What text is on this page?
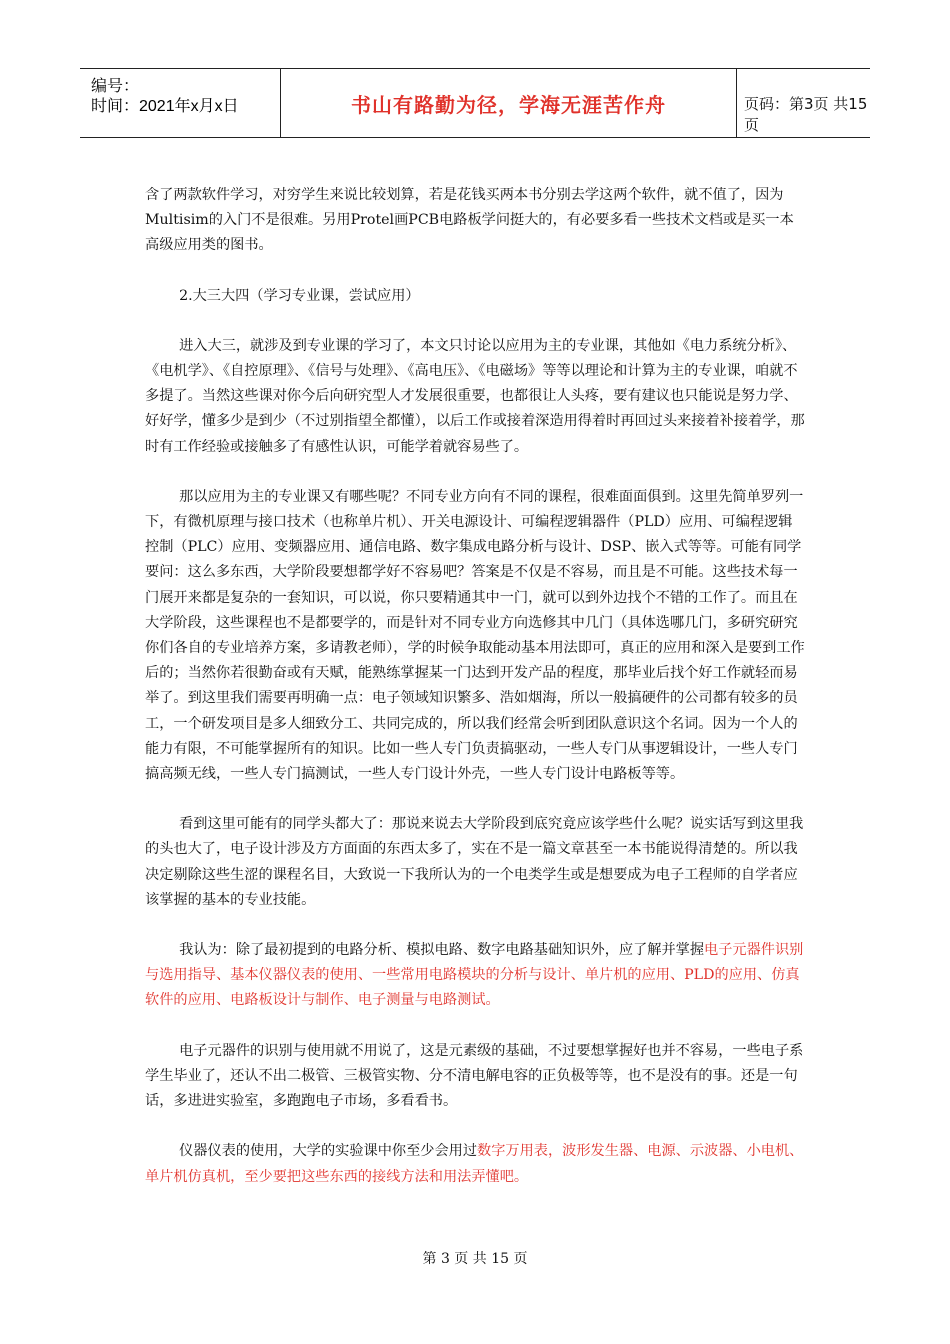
编号：
时间：2021年x月x日	书山有路勤为径，学海无涯苦作舟	页码：第3页 共15页

含了两款软件学习，对穷学生来说比较划算，若是花钱买两本书分别去学这两个软件，就不值了，因为Multisim的入门不是很难。另用Protel画PCB电路板学问挺大的，有必要多看一些技术文档或是买一本高级应用类的图书。

2.大三大四（学习专业课，尝试应用）

进入大三，就涉及到专业课的学习了，本文只讨论以应用为主的专业课，其他如《电力系统分析》、《电机学》、《自控原理》、《信号与处理》、《高电压》、《电磁场》等等以理论和计算为主的专业课，咱就不多提了。当然这些课对你今后向研究型人才发展很重要，也都很让人头疼，要有建议也只能说是努力学、好好学，懂多少是到少（不过别指望全都懂），以后工作或接着深造用得着时再回过头来接着补接着学，那时有工作经验或接触多了有感性认识，可能学着就容易些了。

那以应用为主的专业课又有哪些呢？不同专业方向有不同的课程，很难面面俱到。这里先简单罗列一下，有微机原理与接口技术（也称单片机）、开关电源设计、可编程逻辑器件（PLD）应用、可编程逻辑控制（PLC）应用、变频器应用、通信电路、数字集成电路分析与设计、DSP、嵌入式等等。可能有同学要问：这么多东西，大学阶段要想都学好不容易吧？答案是不仅是不容易，而且是不可能。这些技术每一门展开来都是复杂的一套知识，可以说，你只要精通其中一门，就可以到外边找个不错的工作了。而且在大学阶段，这些课程也不是都要学的，而是针对不同专业方向选修其中几门（具体选哪几门，多研究研究你们各自的专业培养方案，多请教老师），学的时候争取能动基本用法即可，真正的应用和深入是要到工作后的；当然你若很勤奋或有天赋，能熟练掌握某一门达到开发产品的程度，那毕业后找个好工作就轻而易举了。到这里我们需要再明确一点：电子领域知识繁多、浩如烟海，所以一般搞硬件的公司都有较多的员工，一个研发项目是多人细致分工、共同完成的，所以我们经常会听到团队意识这个名词。因为一个人的能力有限，不可能掌握所有的知识。比如一些人专门负责搞驱动，一些人专门从事逻辑设计，一些人专门搞高频无线，一些人专门搞测试，一些人专门设计外壳，一些人专门设计电路板等等。

看到这里可能有的同学头都大了：那说来说去大学阶段到底究竟应该学些什么呢？说实话写到这里我的头也大了，电子设计涉及方方面面的东西太多了，实在不是一篇文章甚至一本书能说得清楚的。所以我决定剔除这些生涩的课程名目，大致说一下我所认为的一个电类学生或是想要成为电子工程师的自学者应该掌握的基本的专业技能。

我认为：除了最初提到的电路分析、模拟电路、数字电路基础知识外，应了解并掌握电子元器件识别与选用指导、基本仪器仪表的使用、一些常用电路模块的分析与设计、单片机的应用、PLD的应用、仿真软件的应用、电路板设计与制作、电子测量与电路测试。

电子元器件的识别与使用就不用说了，这是元素级的基础，不过要想掌握好也并不容易，一些电子系学生毕业了，还认不出二极管、三极管实物、分不清电解电容的正负极等等，也不是没有的事。还是一句话，多进进实验室，多跑跑电子市场，多看看书。

仪器仪表的使用，大学的实验课中你至少会用过数字万用表，波形发生器、电源、示波器、小电机、单片机仿真机，至少要把这些东西的接线方法和用法弄懂吧。

第 3 页 共 15 页
